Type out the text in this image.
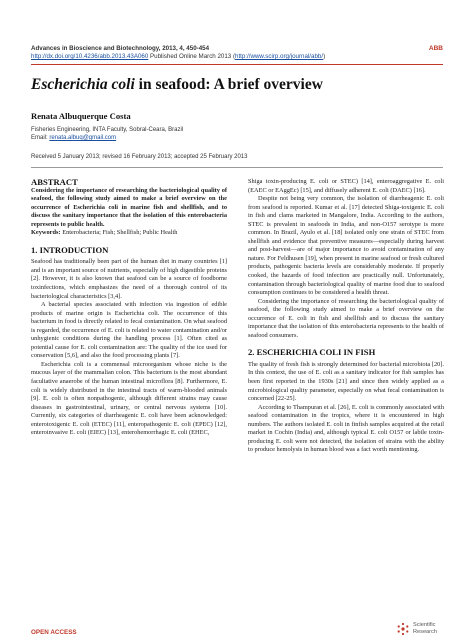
Advances in Bioscience and Biotechnology, 2013, 4, 450-454	ABB
http://dx.doi.org/10.4236/abb.2013.43A060 Published Online March 2013 (http://www.scirp.org/journal/abb/)
Escherichia coli in seafood: A brief overview
Renata Albuquerque Costa
Fisheries Engineering, INTA Faculty, Sobral-Ceara, Brazil
Email: renata.albuq@gmail.com
Received 5 January 2013; revised 16 February 2013; accepted 25 February 2013

ABSTRACT

Considering the importance of researching the bacteriological quality of seafood, the following study aimed to make a brief overview on the occurrence of Escherichia coli in marine fish and shellfish, and to discuss the sanitary importance that the isolation of this enterobacteria represents to public health.

Keywords: Enterobacteria; Fish; Shellfish; Public Health

1. INTRODUCTION

Seafood has traditionally been part of the human diet in many countries [1] and is an important source of nutrients, especially of high digestible proteins [2]. However, it is also known that seafood can be a source of foodborne toxinfections, which emphasizes the need of a thorough control of its bacteriological characteristics [3,4].

A bacterial species associated with infection via ingestion of edible products of marine origin is Escherichia coli. The occurrence of this bacterium in food is directly related to fecal contamination. On what seafood is regarded, the occurrence of E. coli is related to water contamination and/or unhygienic conditions during the handling process [1]. Often cited as potential cause for E. coli contamination are: The quality of the ice used for conservation [5,6], and also the food processing plants [7].

Escherichia coli is a commensal microorganism whose niche is the mucous layer of the mammalian colon. This bacterium is the most abundant facultative anaerobe of the human intestinal microflora [8]. Furthermore, E. coli is widely distributed in the intestinal tracts of warm-blooded animals [9]. E. coli is often nonpathogenic, although different strains may cause diseases in gastrointestinal, urinary, or central nervous systems [10]. Currently, six categories of diarrheagenic E. coli have been acknowledged: enterotoxigenic E. coli (ETEC) [11], enteropathogenic E. coli (EPEC) [12], enteroinvasive E. coli (EIEC) [13], enterohemorrhagic E. coli (EHEC,

Shiga toxin-producing E. coli or STEC) [14], enteroaggregative E. coli (EAEC or EAggEc) [15], and diffusely adherent E. coli (DAEC) [16].

Despite not being very common, the isolation of diarrheagenic E. coli from seafood is reported. Kumar et al. [17] detected Shiga-toxigenic E. coli in fish and clams marketed in Mangalore, India. According to the authors, STEC is prevalent in seafoods in India, and non-O157 serotype is more common. In Brazil, Ayulo et al. [18] isolated only one strain of STEC from shellfish and evidence that preventive measures—especially during harvest and post-harvest—are of major importance to avoid contamination of any nature. For Feldhusen [19], when present in marine seafood or fresh cultured products, pathogenic bacteria levels are considerably moderate. If properly cooked, the hazards of food infection are practically null. Unfortunately, contamination through bacteriological quality of marine food due to seafood consumption continues to be considered a health threat.

Considering the importance of researching the bacteriological quality of seafood, the following study aimed to make a brief overview on the occurrence of E. coli in fish and shellfish and to discuss the sanitary importance that the isolation of this enterobacteria represents to the health of seafood consumers.

2. ESCHERICHIA COLI IN FISH

The quality of fresh fish is strongly determined for bacterial microbiota [20]. In this context, the use of E. coli as a sanitary indicator for fish samples has been first reported in the 1930s [21] and since then widely applied as a microbiological quality parameter, especially on what fecal contamination is concerned [22-25].

According to Thampuran et al. [26], E. coli is commonly associated with seafood contamination in the tropics, where it is encountered in high numbers. The authors isolated E. coli in finfish samples acquired at the retail market in Cochin (India) and, although typical E. coli O157 or labile toxin-producing E. coli were not detected, the isolation of strains with the ability to produce hemolysis in human blood was a fact worth mentioning.

OPEN ACCESS
Scientific
Research
